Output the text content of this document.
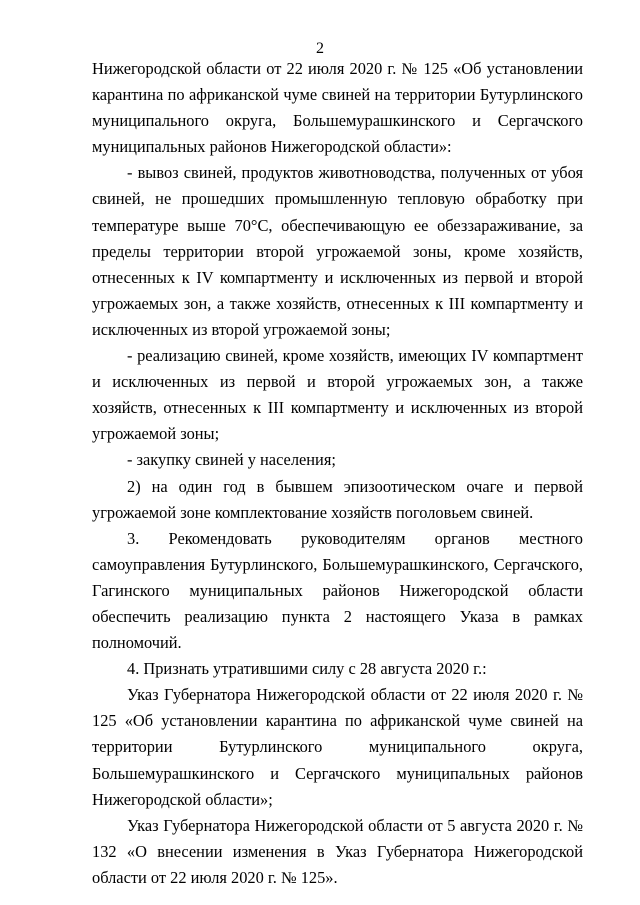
2

Нижегородской области от 22 июля 2020 г. № 125 «Об установлении карантина по африканской чуме свиней на территории Бутурлинского муниципального округа, Большемурашкинского и Сергачского муниципальных районов Нижегородской области»:

- вывоз свиней, продуктов животноводства, полученных от убоя свиней, не прошедших промышленную тепловую обработку при температуре выше 70°С, обеспечивающую ее обеззараживание, за пределы территории второй угрожаемой зоны, кроме хозяйств, отнесенных к IV компартменту и исключенных из первой и второй угрожаемых зон, а также хозяйств, отнесенных к III компартменту и исключенных из второй угрожаемой зоны;

- реализацию свиней, кроме хозяйств, имеющих IV компартмент и исключенных из первой и второй угрожаемых зон, а также хозяйств, отнесенных к III компартменту и исключенных из второй угрожаемой зоны;

- закупку свиней у населения;

2) на один год в бывшем эпизоотическом очаге и первой угрожаемой зоне комплектование хозяйств поголовьем свиней.

3. Рекомендовать руководителям органов местного самоуправления Бутурлинского, Большемурашкинского, Сергачского, Гагинского муниципальных районов Нижегородской области обеспечить реализацию пункта 2 настоящего Указа в рамках полномочий.

4. Признать утратившими силу с 28 августа 2020 г.:

Указ Губернатора Нижегородской области от 22 июля 2020 г. № 125 «Об установлении карантина по африканской чуме свиней на территории Бутурлинского муниципального округа, Большемурашкинского и Сергачского муниципальных районов Нижегородской области»;

Указ Губернатора Нижегородской области от 5 августа 2020 г. № 132 «О внесении изменения в Указ Губернатора Нижегородской области от 22 июля 2020 г. № 125».
